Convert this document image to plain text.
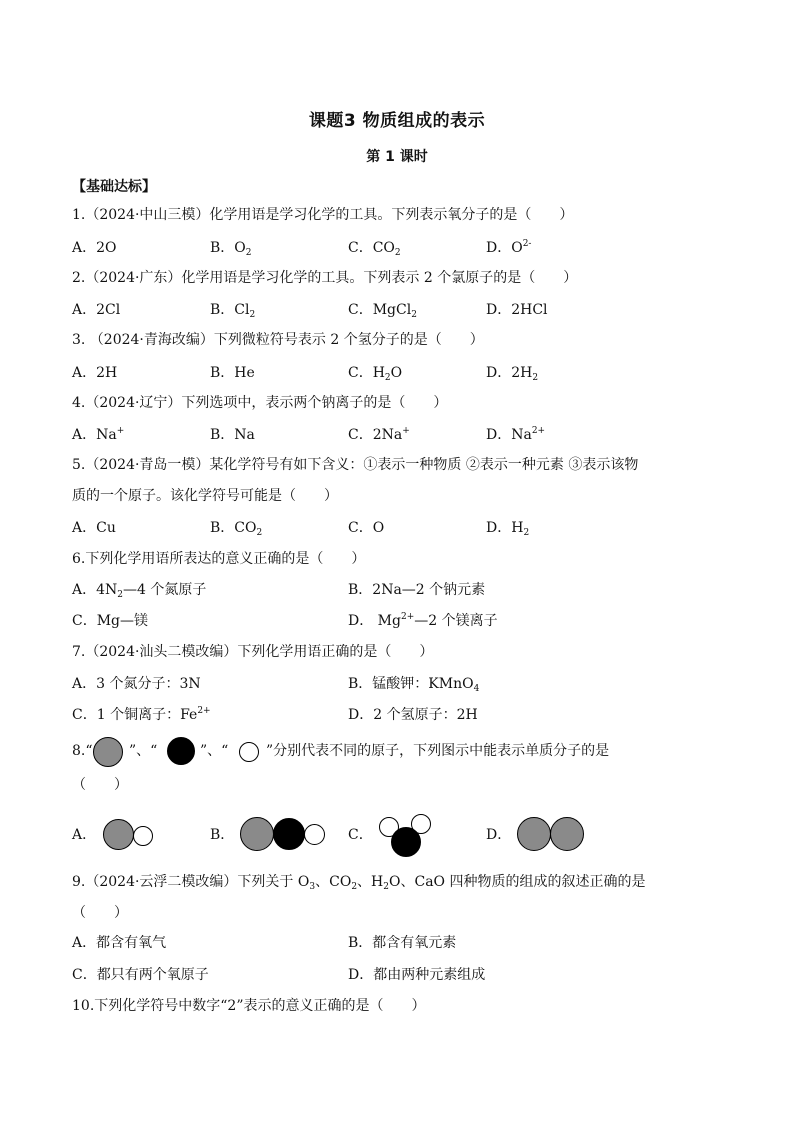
课题3 物质组成的表示
第 1 课时
【基础达标】
1.（2024·中山三模）化学用语是学习化学的工具。下列表示氧分子的是（　　）
A．2O	B．$O_2$	C．$CO_2$	D．$O^{2-}$
2.（2024·广东）化学用语是学习化学的工具。下列表示 2 个氯原子的是（　　）
A．2Cl	B．$Cl_2$	C．MgCl$_2$	D．2HCl
3. （2024·青海改编）下列微粒符号表示 2 个氢分子的是（　　）
A．2H	B．He	C．$H_2O$	D．$2H_2$
4.（2024·辽宁）下列选项中，表示两个钠离子的是（　　）
A．Na+	B．Na	C．2Na+	D．$Na^{2+}$
5.（2024·青岛一模）某化学符号有如下含义：①表示一种物质 ②表示一种元素 ③表示该物
质的一个原子。该化学符号可能是（　　）
A．Cu	B．$CO_2$	C．O	D．$H_2$
6.下列化学用语所表达的意义正确的是（　　）
A．$4N_2—4$ 个氮原子	B．2Na—2 个钠元素
C．Mg—镁	D． $Mg^{2+}—2$ 个镁离子
7.（2024·汕头二模改编）下列化学用语正确的是（　　）
A．3 个氮分子：3N	B．锰酸钾：KMnO$_4$
C．1 个铜离子：$Fe^{2+}$	D．2 个氢原子：2H
8.“	”、“	”、“	”分别代表不同的原子，下列图示中能表示单质分子的是
（　　）
A．	B．	C．	D．
9.（2024·云浮二模改编）下列关于 $O_3$、$CO_2$、$H_2O$、CaO 四种物质的组成的叙述正确的是
（　　）
A．都含有氧气	B．都含有氧元素
C．都只有两个氧原子	D．都由两种元素组成
10.下列化学符号中数字“2”表示的意义正确的是（　　）
